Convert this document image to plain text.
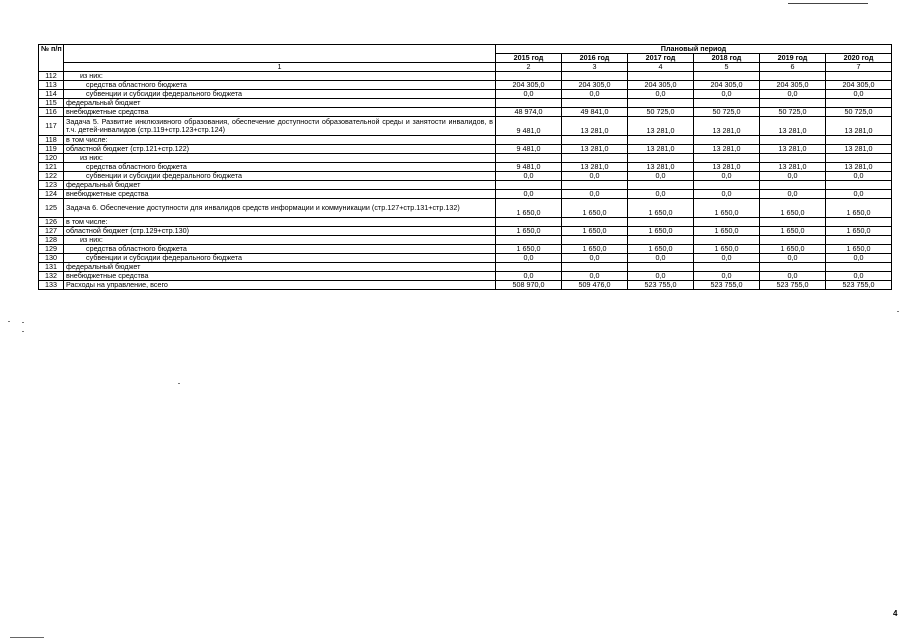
№ п/п		Плановый период					
		2015 год	2016 год	2017 год	2018 год	2019 год	2020 год
	1	2	3	4	5	6	7
112	из них:						
113	средства областного бюджета	204 305,0	204 305,0	204 305,0	204 305,0	204 305,0	204 305,0
114	субвенции и субсидии федерального бюджета	0,0	0,0	0,0	0,0	0,0	0,0
115	федеральный бюджет						
116	внебюджетные средства	48 974,0	49 841,0	50 725,0	50 725,0	50 725,0	50 725,0
117	Задача 5. Развитие инклюзивного образования, обеспечение доступности образовательной среды и занятости инвалидов, в т.ч. детей-инвалидов (стр.119+стр.123+стр.124)	9 481,0	13 281,0	13 281,0	13 281,0	13 281,0	13 281,0
118	в том числе:						
119	областной бюджет (стр.121+стр.122)	9 481,0	13 281,0	13 281,0	13 281,0	13 281,0	13 281,0
120	из них:						
121	средства областного бюджета	9 481,0	13 281,0	13 281,0	13 281,0	13 281,0	13 281,0
122	субвенции и субсидии федерального бюджета	0,0	0,0	0,0	0,0	0,0	0,0
123	федеральный бюджет						
124	внебюджетные средства	0,0	0,0	0,0	0,0	0,0	0,0
125	Задача 6. Обеспечение доступности для инвалидов средств информации и коммуникации (стр.127+стр.131+стр.132)	1 650,0	1 650,0	1 650,0	1 650,0	1 650,0	1 650,0
126	в том числе:						
127	областной бюджет (стр.129+стр.130)	1 650,0	1 650,0	1 650,0	1 650,0	1 650,0	1 650,0
128	из них:						
129	средства областного бюджета	1 650,0	1 650,0	1 650,0	1 650,0	1 650,0	1 650,0
130	субвенции и субсидии федерального бюджета	0,0	0,0	0,0	0,0	0,0	0,0
131	федеральный бюджет						
132	внебюджетные средства	0,0	0,0	0,0	0,0	0,0	0,0
133	Расходы на управление, всего	508 970,0	509 476,0	523 755,0	523 755,0	523 755,0	523 755,0
4
